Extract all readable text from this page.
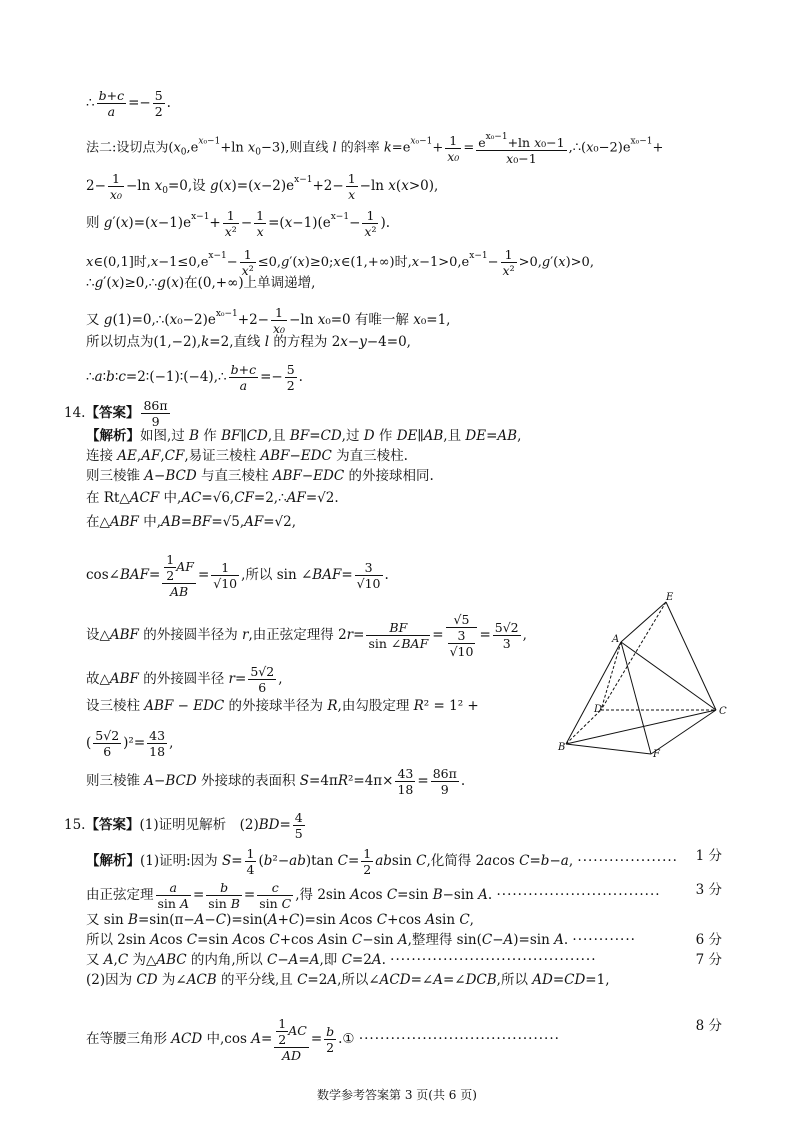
∴ $\frac{b+c}{a} =- \frac{5}{2}$ .
法二:设切点为($x_0,e^{x_0-1}+\ln$ $x_0-3$),则直线 l 的斜率 $k=e^{x_0-1}+ \frac{1}{\text{x₀}} = \frac{e^{x_0-1}+\ln x_0-1}{\text{x₀−1}}$ $,\therefore(x_0-2)e^{x_0-1}+$
$2- \frac{1}{\text{x₀}} -\ln$ $x_0=0$,设 $g(x)=(x-2)e^{x-1}+2- \frac{1}{x} -\ln$ x(x>0),
则 $g'(x)=(x-1)e^{x-1}+ \frac{1}{\text{x²}} - \frac{1}{x} =(x-1)(e^{x-1}- \frac{1}{\text{x²}}$ ).
x∈(0,1]时$,x-1\le 0,e^{x-1}- \frac{1}{\text{x²}}$ ≤0,g′(x)≥0;x∈(1,+∞)时$,x-1>0,e^{x-1}- \frac{1}{\text{x²}} >0,g'(x)>0$,
∴g′(x)≥0,∴g(x)在(0,+∞)上单调递增,
又 $g(1)=0,\therefore(x_0-2)e^{x_0-1}+2- \frac{1}{\text{x₀}} -\ln$ x₀=0 有唯一解 x₀=1,
所以切点为(1,−2),k=2,直线 l 的方程为 2x−y−4=0,
∴a∶b∶c=2∶(−1)∶(−4),∴ $\frac{b+c}{a} =- \frac{5}{2}$ .
14.【答案】 $\frac{86\pi}{9}$
【解析】如图,过 B 作 BF∥CD,且 BF=CD,过 D 作 DE∥AB,且 DE=AB,
连接 AE,AF,CF,易证三棱柱 ABF−EDC 为直三棱柱.
则三棱锥 A−BCD 与直三棱柱 ABF−EDC 的外接球相同.
在 Rt△ACF 中,AC=√6,CF=2,∴AF=√2.
在△ABF 中,AB=BF=√5,AF=√2,
cos∠BAF= $\frac{\frac{1}{2} AF}{AB} = \frac{1}{√10}$ ,所以 sin ∠BAF= $\frac{3}{√10}$ .
设△ABF 的外接圆半径为 r,由正弦定理得 $2r= \frac{BF}{\text{sin ∠BAF}} = \frac{√5}{\frac{3}{√10}} = \frac{5√2}{3}$ ,
故△ABF 的外接圆半径 $r= \frac{5√2}{6}$ ,
设三棱柱 ABF − EDC 的外接球半径为 R,由勾股定理 R² = 1² +
( $\frac{5√2}{6} )^2= \frac{43}{18}$ ,
则三棱锥 A−BCD 外接球的表面积 $S=4\pi R^2=4\pi\times \frac{43}{18} = \frac{86\pi}{9}$ .
E
A
D	C
B
F
15.【答案】(1)证明见解析　$(2)BD= \frac{4}{5}$
【解析】(1)证明:因为 $S= \frac{1}{4} (b^2-ab)\tan$ $C= \frac{1}{2}$ absin C,化简得 2acos C=b−a, ··················· 1 分
由正弦定理 $\frac{a}{\text{sin A}} = \frac{b}{\text{sin B}} = \frac{c}{\text{sin C}}$ ,得 2sin Acos C=sin B−sin A. ·······························	3 分
又 sin B=sin(π−A−C)=sin(A+C)=sin Acos C+cos Asin C,
所以 2sin Acos C=sin Acos C+cos Asin C−sin A,整理得 sin(C−A)=sin A. ············	6 分
又 A,C 为△ABC 的内角,所以 C−A=A,即 C=2A. ·······································	7 分
(2)因为 CD 为∠ACB 的平分线,且 C=2A,所以∠ACD=∠A=∠DCB,所以 AD=CD=1,
在等腰三角形 ACD 中,cos $A= \frac{\frac{1}{2} AC}{AD} = \frac{b}{2}$ .① ······································
8 分
数学参考答案第 3 页(共 6 页)
